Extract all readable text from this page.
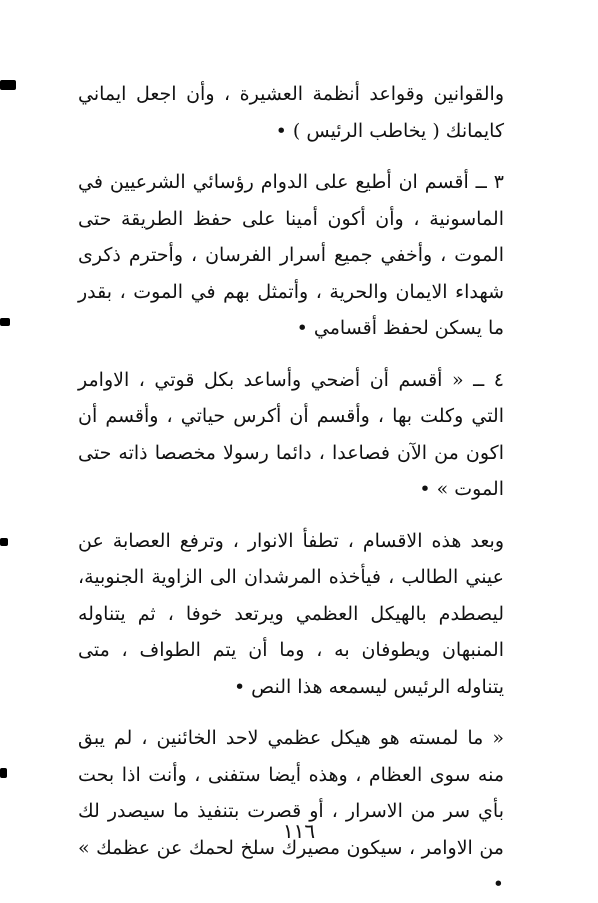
والقوانين وقواعد أنظمة العشيرة ، وأن اجعل ايماني كايمانك ( يخاطب الرئيس ) •

٣ ــ أقسم ان أطيع على الدوام رؤسائي الشرعيين في الماسونية ، وأن أكون أمينا على حفظ الطريقة حتى الموت ، وأخفي جميع أسرار الفرسان ، وأحترم ذكرى شهداء الايمان والحرية ، وأتمثل بهم في الموت ، بقدر ما يسكن لحفظ أقسامي •

٤ ــ « أقسم أن أضحي وأساعد بكل قوتي ، الاوامر التي وكلت بها ، وأقسم أن أكرس حياتي ، وأقسم أن اكون من الآن فصاعدا ، دائما رسولا مخصصا ذاته حتى الموت » •

وبعد هذه الاقسام ، تطفأ الانوار ، وترفع العصابة عن عيني الطالب ، فيأخذه المرشدان الى الزاوية الجنوبية، ليصطدم بالهيكل العظمي ويرتعد خوفا ، ثم يتناوله المنبهان ويطوفان به ، وما أن يتم الطواف ، متى يتناوله الرئيس ليسمعه هذا النص •

« ما لمسته هو هيكل عظمي لاحد الخائنين ، لم يبق منه سوى العظام ، وهذه أيضا ستفنى ، وأنت اذا بحت بأي سر من الاسرار ، أو قصرت بتنفيذ ما سيصدر لك من الاوامر ، سيكون مصيرك سلخ لحمك عن عظمك » •

١١٦
